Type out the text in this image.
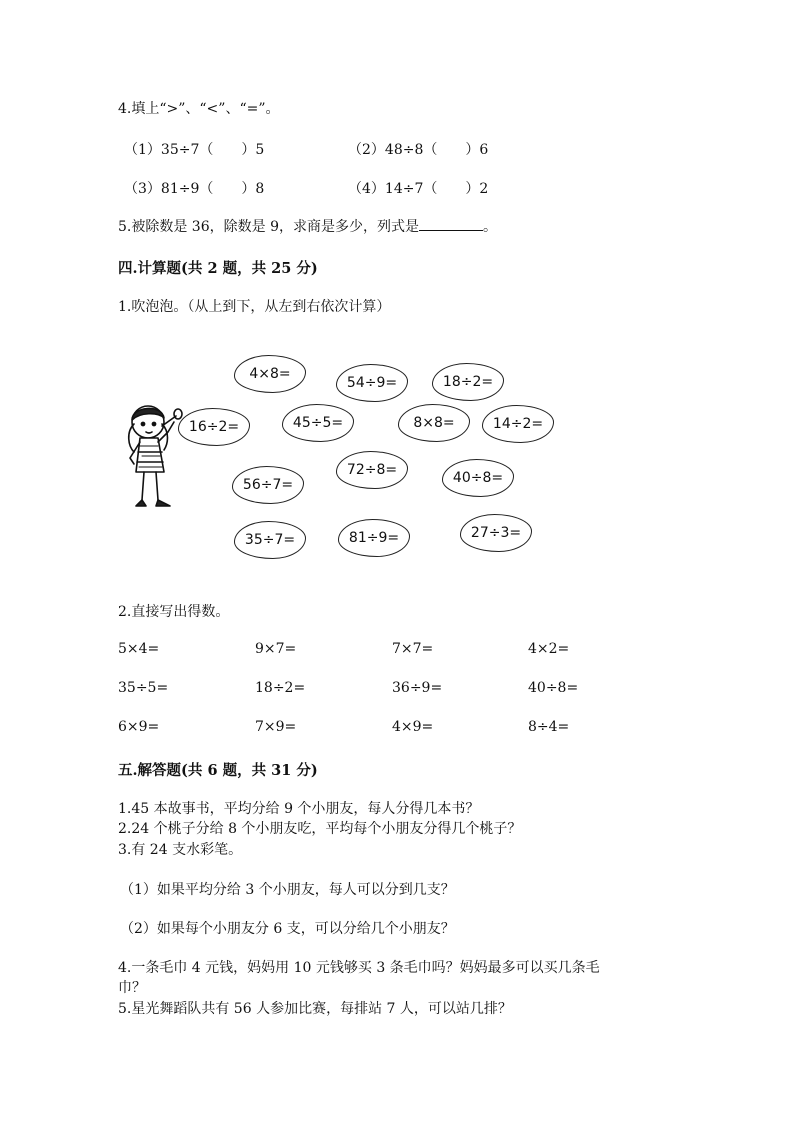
4.填上“>”、“<”、“=”。
（1）35÷7（　　）5	（2）48÷8（　　）6
（3）81÷9（　　）8	（4）14÷7（　　）2
5.被除数是 36，除数是 9，求商是多少，列式是	。
四.计算题(共 2 题，共 25 分)
1.吹泡泡。（从上到下，从左到右依次计算）
4×8=
54÷9=	18÷2=
16÷2=	45÷5=	8×8=	14÷2=
56÷7=
72÷8=	40÷8=
35÷7=	81÷9=	27÷3=
2.直接写出得数。
5×4=	9×7=	7×7=	4×2=
35÷5=	18÷2=	36÷9=	40÷8=
6×9=	7×9=	4×9=	8÷4=
五.解答题(共 6 题，共 31 分)
1.45 本故事书，平均分给 9 个小朋友，每人分得几本书？
2.24 个桃子分给 8 个小朋友吃，平均每个小朋友分得几个桃子？
3.有 24 支水彩笔。
（1）如果平均分给 3 个小朋友，每人可以分到几支？
（2）如果每个小朋友分 6 支，可以分给几个小朋友？
4.一条毛巾 4 元钱，妈妈用 10 元钱够买 3 条毛巾吗？妈妈最多可以买几条毛
巾？
5.星光舞蹈队共有 56 人参加比赛，每排站 7 人，可以站几排？
